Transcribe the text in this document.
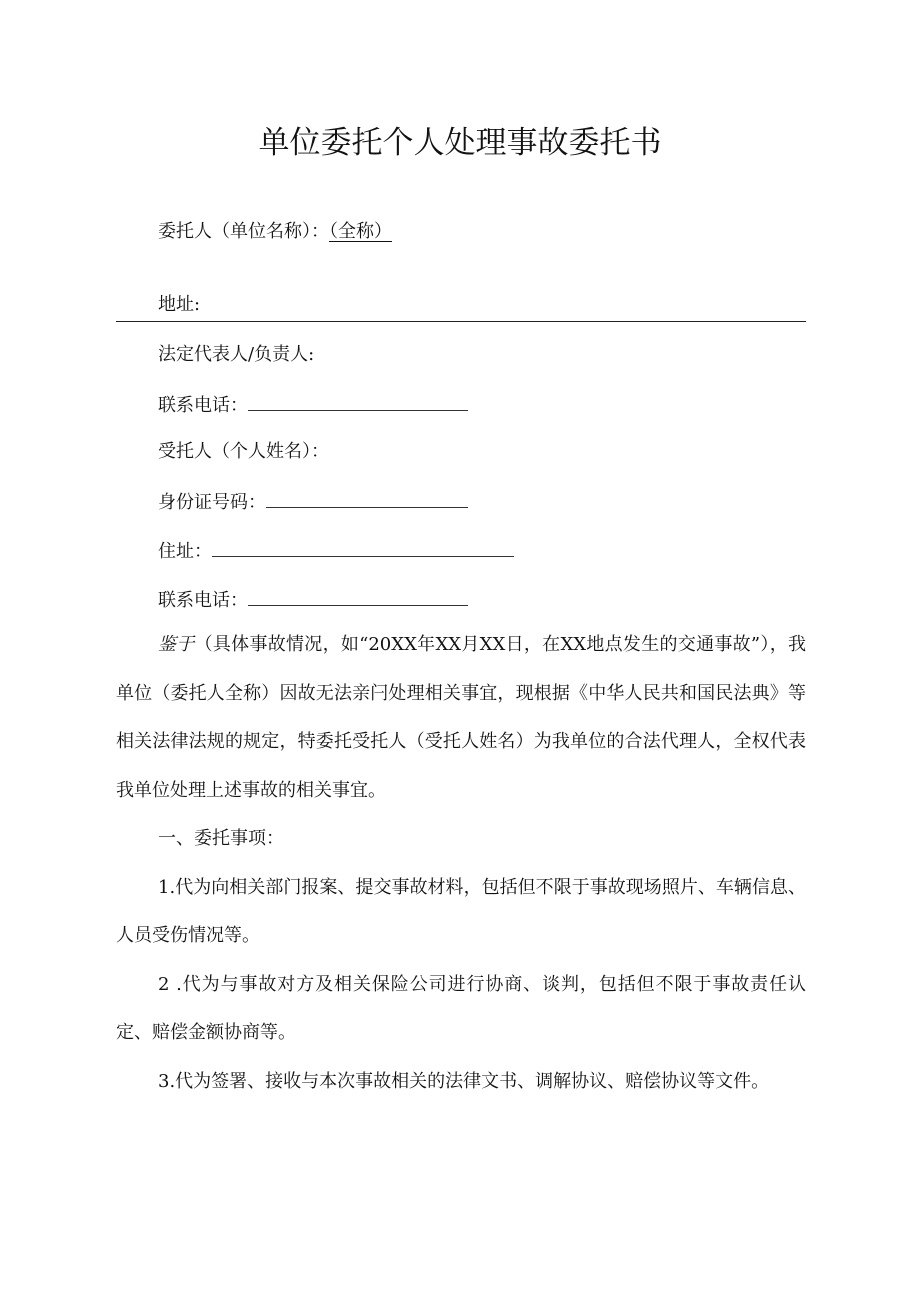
单位委托个人处理事故委托书
委托人（单位名称）：（全称）
地址:
法定代表人/负责人:
联系电话：
受托人（个人姓名）：
身份证号码：
住址：
联系电话：

鉴于（具体事故情况，如“20XX年XX月XX日，在XX地点发生的交通事故”），我单位（委托人全称）因故无法亲闩处理相关事宜，现根据《中华人民共和国民法典》等相关法律法规的规定，特委托受托人（受托人姓名）为我单位的合法代理人，全权代表我单位处理上述事故的相关事宜。

一、委托事项：

1.代为向相关部门报案、提交事故材料，包括但不限于事故现场照片、车辆信息、人员受伤情况等。

2 .代为与事故对方及相关保险公司进行协商、谈判，包括但不限于事故责任认定、赔偿金额协商等。

3.代为签署、接收与本次事故相关的法律文书、调解协议、赔偿协议等文件。
